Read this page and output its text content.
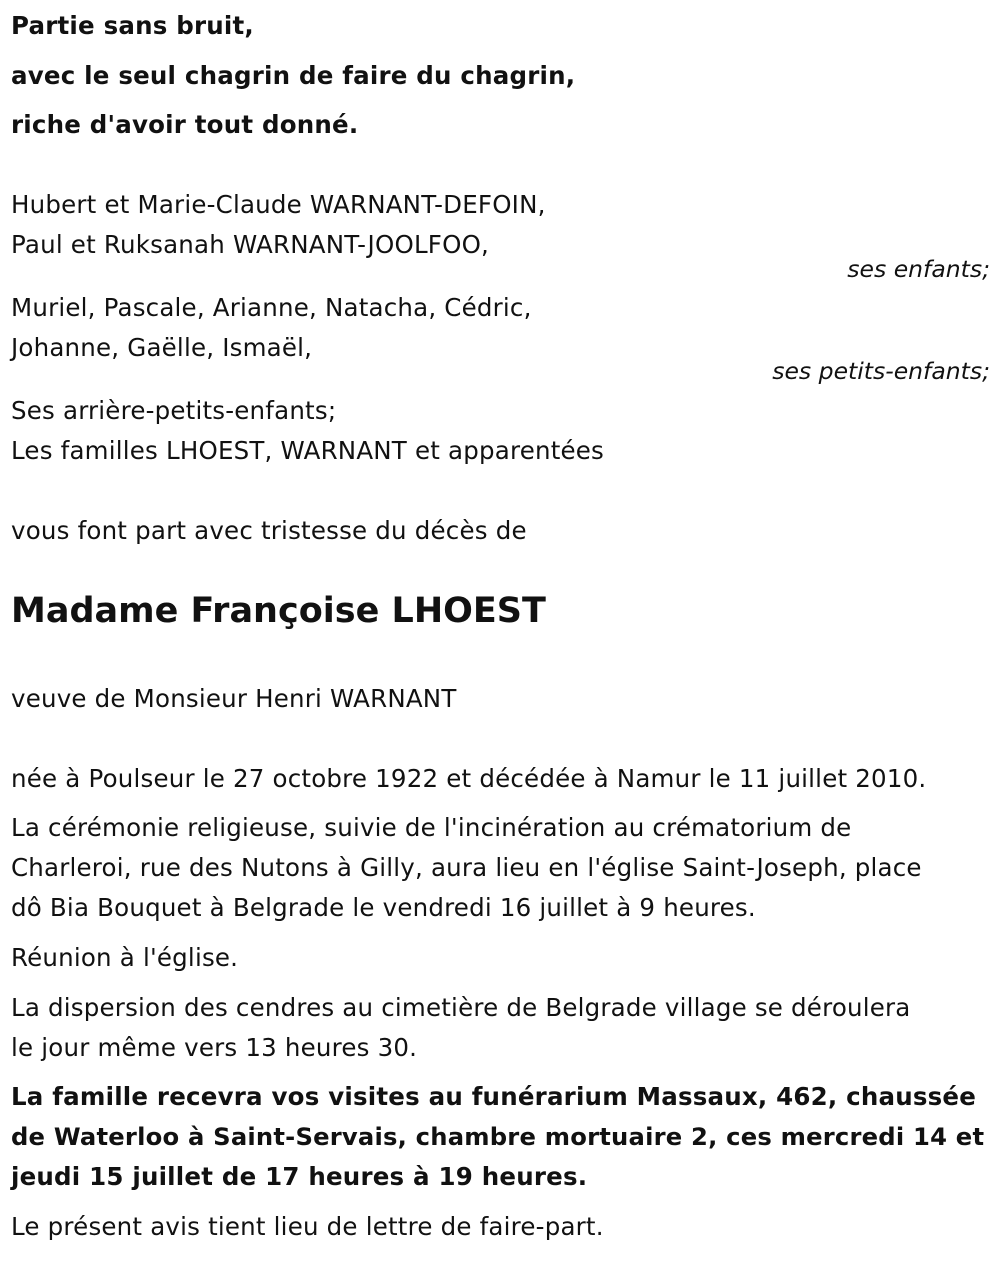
Partie sans bruit,
avec le seul chagrin de faire du chagrin,
riche d'avoir tout donné.
Hubert et Marie-Claude WARNANT-DEFOIN,
Paul et Ruksanah WARNANT-JOOLFOO,
ses enfants;
Muriel, Pascale, Arianne, Natacha, Cédric,
Johanne, Gaëlle, Ismaël,
ses petits-enfants;
Ses arrière-petits-enfants;
Les familles LHOEST, WARNANT et apparentées
vous font part avec tristesse du décès de
Madame Françoise LHOEST
veuve de Monsieur Henri WARNANT
née à Poulseur le 27 octobre 1922 et décédée à Namur le 11 juillet 2010.
La cérémonie religieuse, suivie de l'incinération au crématorium de
Charleroi, rue des Nutons à Gilly, aura lieu en l'église Saint-Joseph, place
dô Bia Bouquet à Belgrade le vendredi 16 juillet à 9 heures.
Réunion à l'église.
La dispersion des cendres au cimetière de Belgrade village se déroulera
le jour même vers 13 heures 30.
La famille recevra vos visites au funérarium Massaux, 462, chaussée
de Waterloo à Saint-Servais, chambre mortuaire 2, ces mercredi 14 et
jeudi 15 juillet de 17 heures à 19 heures.
Le présent avis tient lieu de lettre de faire-part.
